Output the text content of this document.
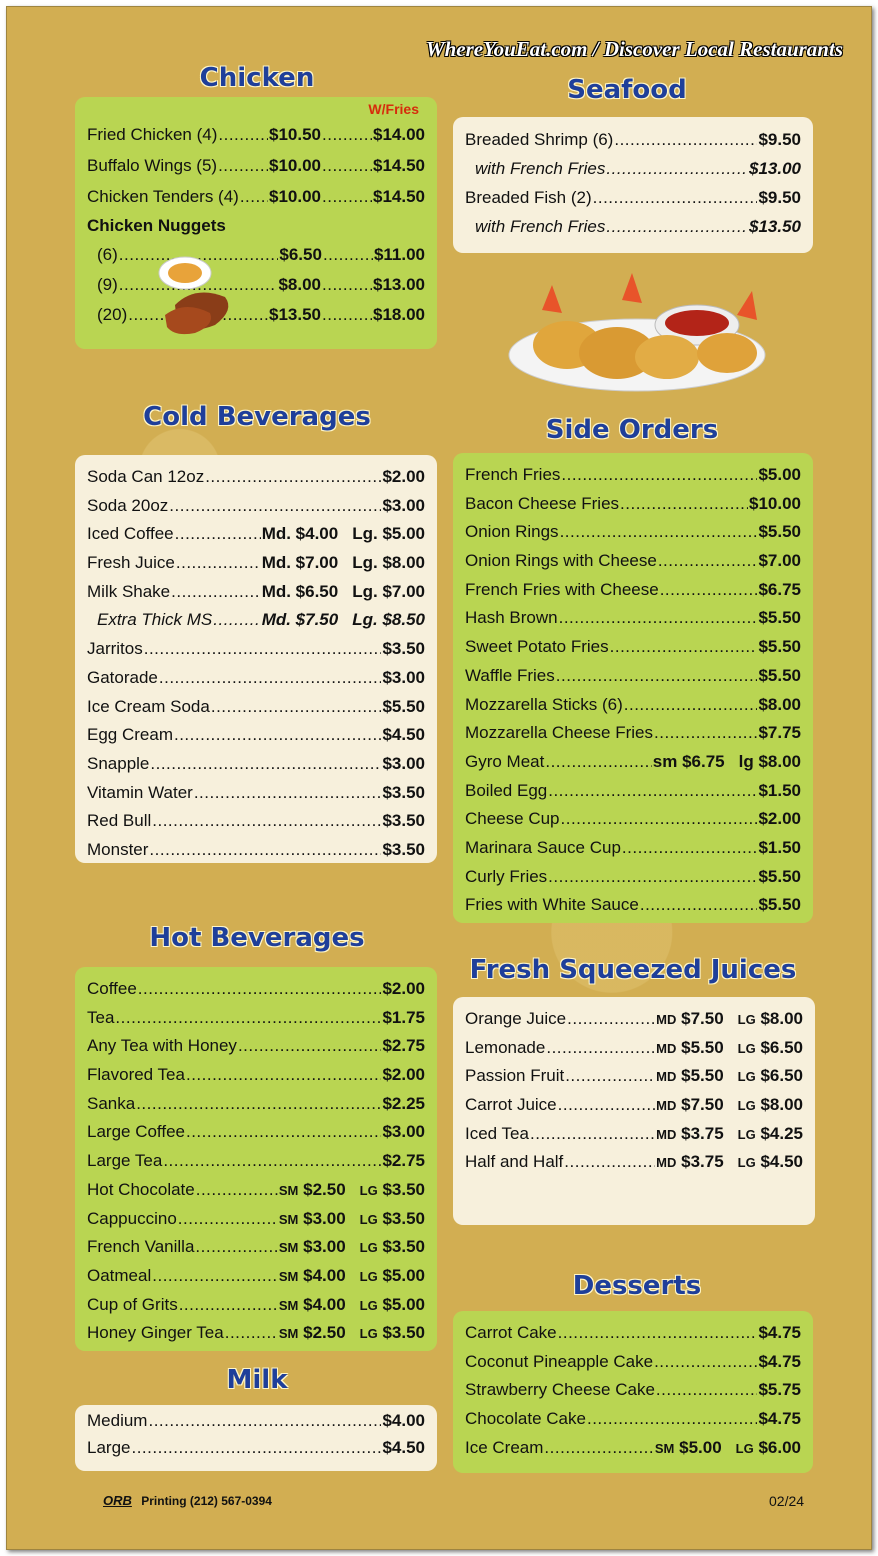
WhereYouEat.com / Discover Local Restaurants
Chicken
W/Fries
Fried Chicken (4) .....	$10.50 .....	$14.00
Buffalo Wings (5) .....	$10.00 .....	$14.50
Chicken Tenders (4) ..... $10.00 .....	$14.50
Chicken Nuggets
(6) .....	$6.50 .....	$11.00
(9) .....	$8.00 .....	$13.00
(20) .....	$13.50 .....	$18.00
Seafood
Breaded Shrimp (6) .....	$9.50
with French Fries .....	$13.00
Breaded Fish (2) .....	$9.50
with French Fries .....	$13.50
Cold Beverages
Soda Can 12oz .....	$2.00
Soda 20oz .....	$3.00
Iced Coffee .....	Md. $4.00 Lg. $5.00
Fresh Juice .....	Md. $7.00 Lg. $8.00
Milk Shake .....	Md. $6.50 Lg. $7.00
Extra Thick MS .....	Md. $7.50 Lg. $8.50
Jarritos .....	$3.50
Gatorade .....	$3.00
Ice Cream Soda .....	$5.50
Egg Cream .....	$4.50
Snapple .....	$3.00
Vitamin Water .....	$3.50
Red Bull .....	$3.50
Monster .....	$3.50
Side Orders
French Fries .....	$5.00
Bacon Cheese Fries .....	$10.00
Onion Rings .....	$5.50
Onion Rings with Cheese .....	$7.00
French Fries with Cheese .....	$6.75
Hash Brown .....	$5.50
Sweet Potato Fries .....	$5.50
Waffle Fries .....	$5.50
Mozzarella Sticks (6) .....	$8.00
Mozzarella Cheese Fries .....	$7.75
Gyro Meat .....	sm $6.75 lg $8.00
Boiled Egg .....	$1.50
Cheese Cup .....	$2.00
Marinara Sauce Cup .....	$1.50
Curly Fries .....	$5.50
Fries with White Sauce .....	$5.50
Hot Beverages
Coffee .....	$2.00
Tea .....	$1.75
Any Tea with Honey .....	$2.75
Flavored Tea .....	$2.00
Sanka .....	$2.25
Large Coffee .....	$3.00
Large Tea .....	$2.75
Hot Chocolate .....	SM $2.50 LG $3.50
Cappuccino .....	SM $3.00 LG $3.50
French Vanilla .....	SM $3.00 LG $3.50
Oatmeal .....	SM $4.00 LG $5.00
Cup of Grits .....	SM $4.00 LG $5.00
Honey Ginger Tea .....	SM $2.50 LG $3.50
Fresh Squeezed Juices
Orange Juice .....	MD $7.50 LG $8.00
Lemonade .....	MD $5.50 LG $6.50
Passion Fruit .....	MD $5.50 LG $6.50
Carrot Juice .....	MD $7.50 LG $8.00
Iced Tea .....	MD $3.75 LG $4.25
Half and Half .....	MD $3.75 LG $4.50
Milk
Medium .....	$4.00
Large .....	$4.50
Desserts
Carrot Cake .....	$4.75
Coconut Pineapple Cake .....	$4.75
Strawberry Cheese Cake .....	$5.75
Chocolate Cake .....	$4.75
Ice Cream .....	SM $5.00 LG $6.00
ORB Printing (212) 567-0394	02/24
